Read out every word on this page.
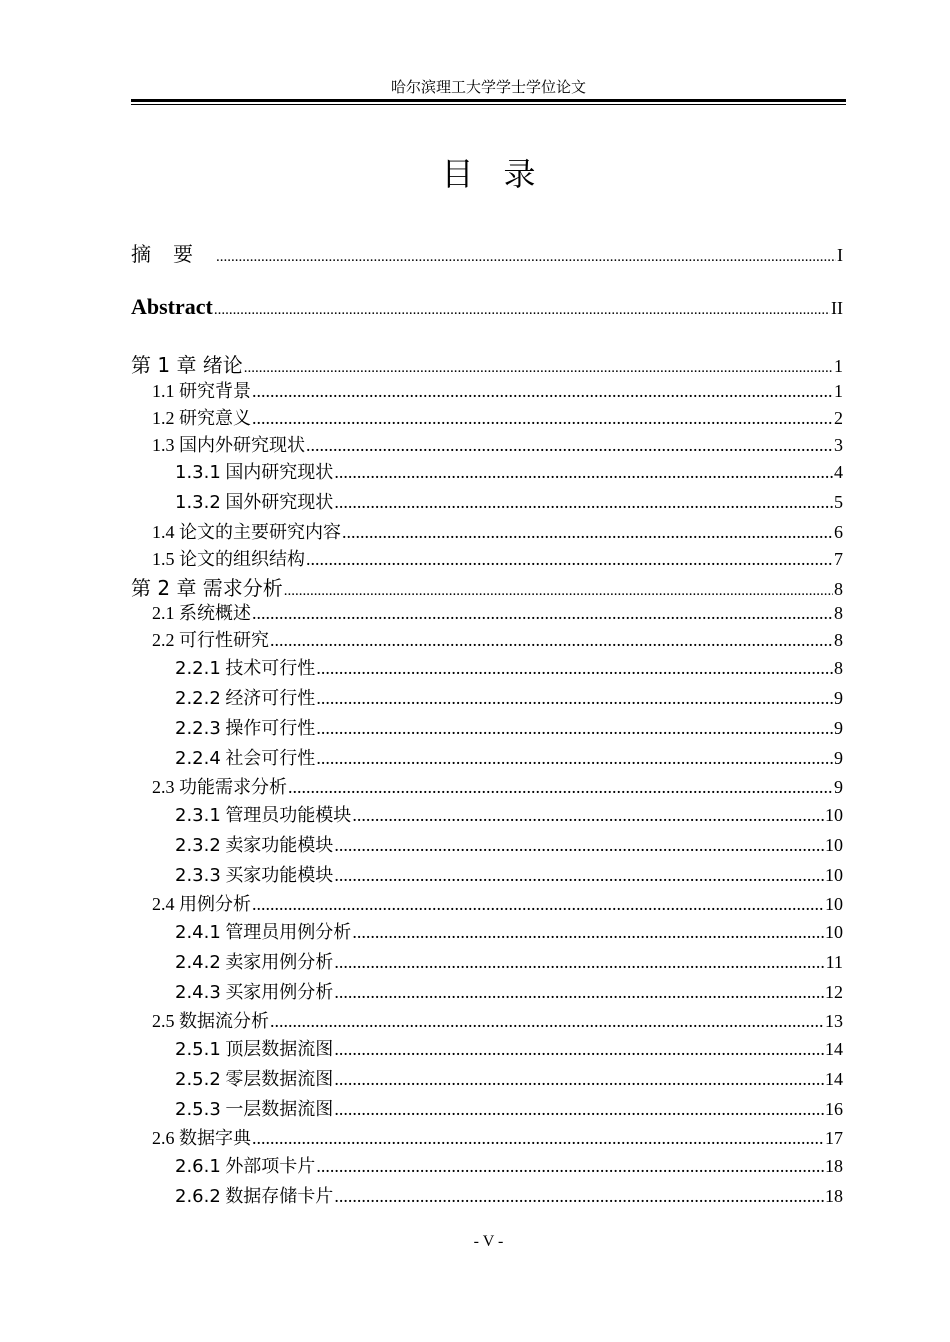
哈尔滨理工大学学士学位论文
目录
摘要 .....	I
Abstract .....	II
第 1 章 绪论 .....	1
1.1 研究背景 .....	1
1.2 研究意义 .....	2
1.3 国内外研究现状 .....	3
1.3.1 国内研究现状 .....	4
1.3.2 国外研究现状 .....	5
1.4 论文的主要研究内容 .....	6
1.5 论文的组织结构 .....	7
第 2 章 需求分析 .....	8
2.1 系统概述 .....	8
2.2 可行性研究 .....	8
2.2.1 技术可行性 .....	8
2.2.2 经济可行性 .....	9
2.2.3 操作可行性 .....	9
2.2.4 社会可行性 .....	9
2.3 功能需求分析 .....	9
2.3.1 管理员功能模块 .....	10
2.3.2 卖家功能模块 .....	10
2.3.3 买家功能模块 .....	10
2.4 用例分析 .....	10
2.4.1 管理员用例分析 .....	10
2.4.2 卖家用例分析 .....	11
2.4.3 买家用例分析 .....	12
2.5 数据流分析 .....	13
2.5.1 顶层数据流图 .....	14
2.5.2 零层数据流图 .....	14
2.5.3 一层数据流图 .....	16
2.6 数据字典 .....	17
2.6.1 外部项卡片 .....	18
2.6.2 数据存储卡片 .....	18
- V -
